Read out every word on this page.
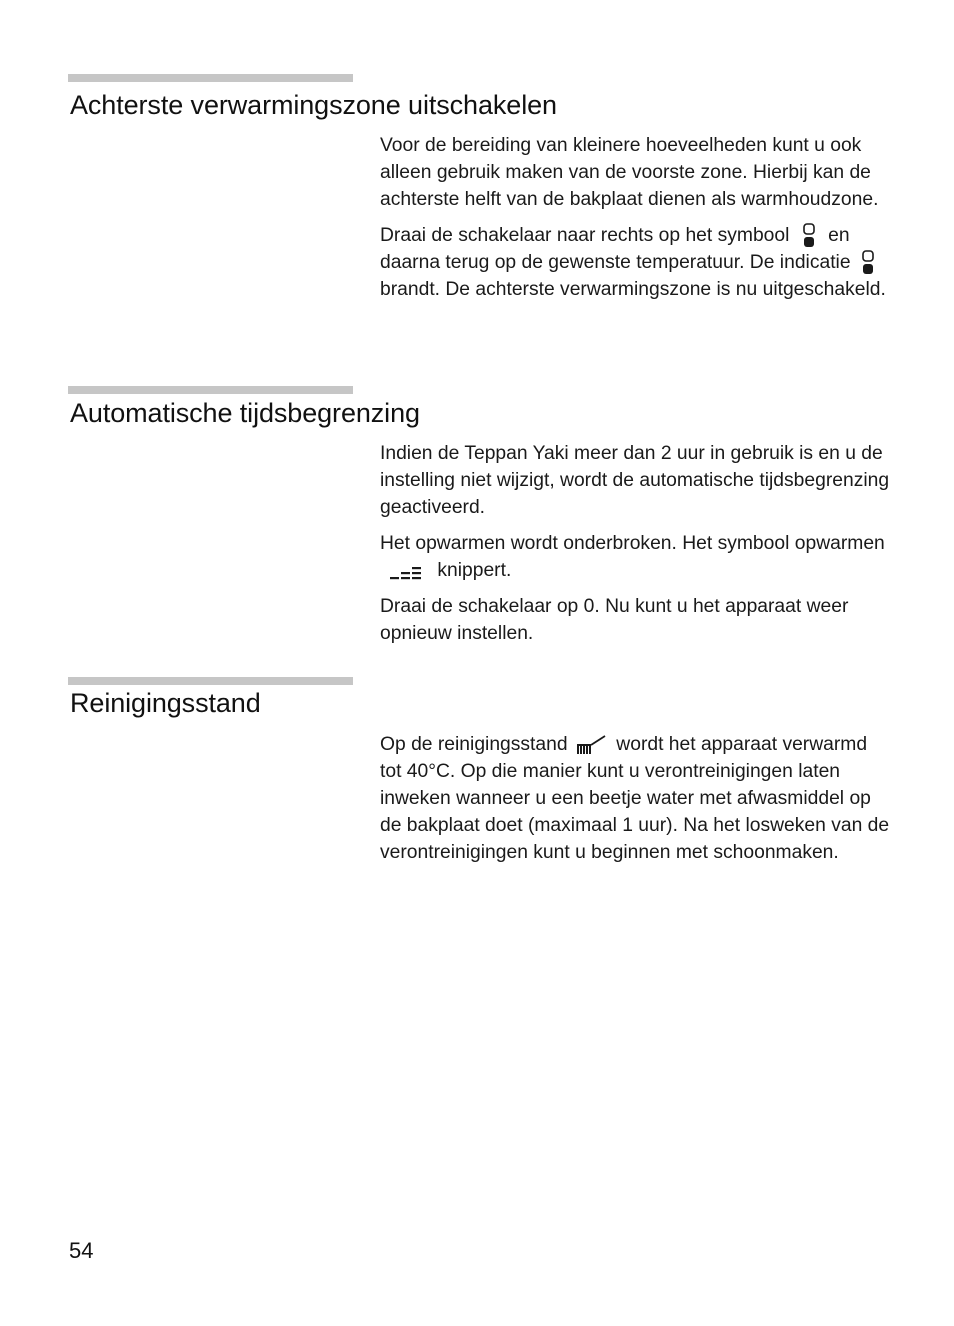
Achterste verwarmingszone uitschakelen

Voor de bereiding van kleinere hoeveelheden kunt u ook alleen gebruik maken van de voorste zone. Hierbij kan de achterste helft van de bakplaat dienen als warmhoudzone.

Draai de schakelaar naar rechts op het symbool en daarna terug op de gewenste temperatuur. De indicatie  brandt. De achterste verwarmingszone is nu uitgeschakeld.

Automatische tijdsbegrenzing

Indien de Teppan Yaki meer dan 2 uur in gebruik is en u de instelling niet wijzigt, wordt de automatische tijdsbegrenzing geactiveerd.

Het opwarmen wordt onderbroken. Het symbool opwarmen  knippert.

Draai de schakelaar op 0. Nu kunt u het apparaat weer opnieuw instellen.

Reinigingsstand

Op de reinigingsstand	wordt het apparaat verwarmd tot 40°C. Op die manier kunt u verontreinigingen laten inweken wanneer u een beetje water met afwasmiddel op de bakplaat doet (maximaal 1 uur). Na het losweken van de verontreinigingen kunt u beginnen met schoonmaken.

54
